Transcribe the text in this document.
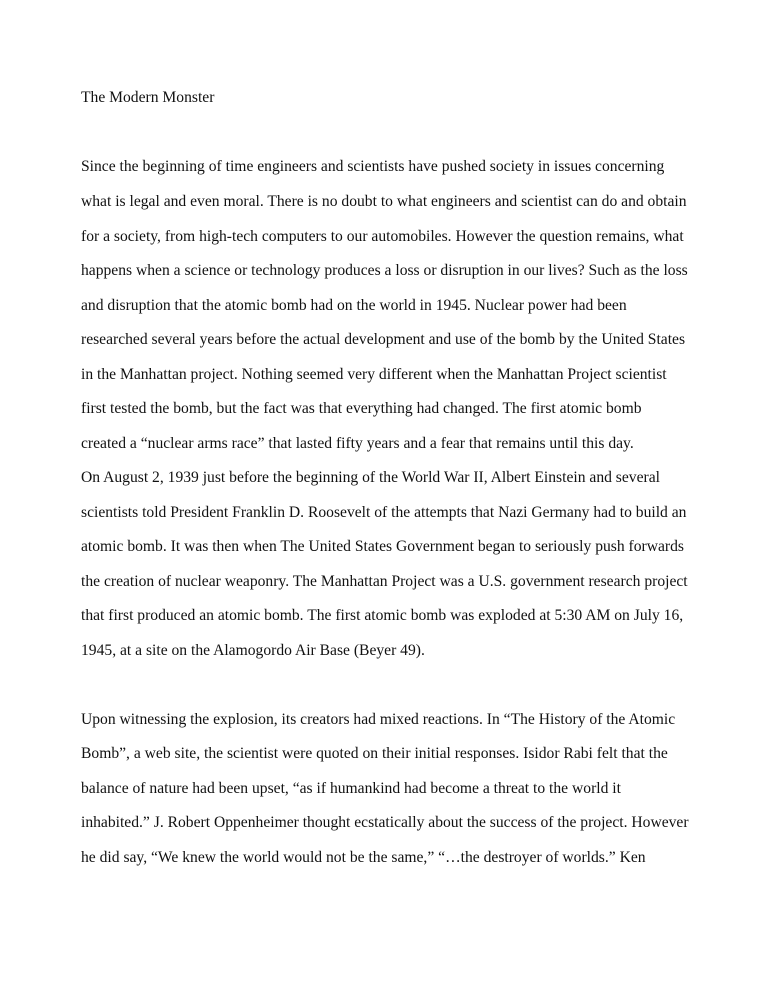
The Modern Monster

Since the beginning of time engineers and scientists have pushed society in issues concerning

what is legal and even moral. There is no doubt to what engineers and scientist can do and obtain

for a society, from high-tech computers to our automobiles. However the question remains, what

happens when a science or technology produces a loss or disruption in our lives? Such as the loss

and disruption that the atomic bomb had on the world in 1945. Nuclear power had been

researched several years before the actual development and use of the bomb by the United States

in the Manhattan project. Nothing seemed very different when the Manhattan Project scientist

first tested the bomb, but the fact was that everything had changed. The first atomic bomb

created a “nuclear arms race” that lasted fifty years and a fear that remains until this day.

On August 2, 1939 just before the beginning of the World War II, Albert Einstein and several

scientists told President Franklin D. Roosevelt of the attempts that Nazi Germany had to build an

atomic bomb. It was then when The United States Government began to seriously push forwards

the creation of nuclear weaponry. The Manhattan Project was a U.S. government research project

that first produced an atomic bomb. The first atomic bomb was exploded at 5:30 AM on July 16,

1945, at a site on the Alamogordo Air Base (Beyer 49).

Upon witnessing the explosion, its creators had mixed reactions. In “The History of the Atomic

Bomb”, a web site, the scientist were quoted on their initial responses. Isidor Rabi felt that the

balance of nature had been upset, “as if humankind had become a threat to the world it

inhabited.” J. Robert Oppenheimer thought ecstatically about the success of the project. However

he did say, “We knew the world would not be the same,” “…the destroyer of worlds.” Ken
